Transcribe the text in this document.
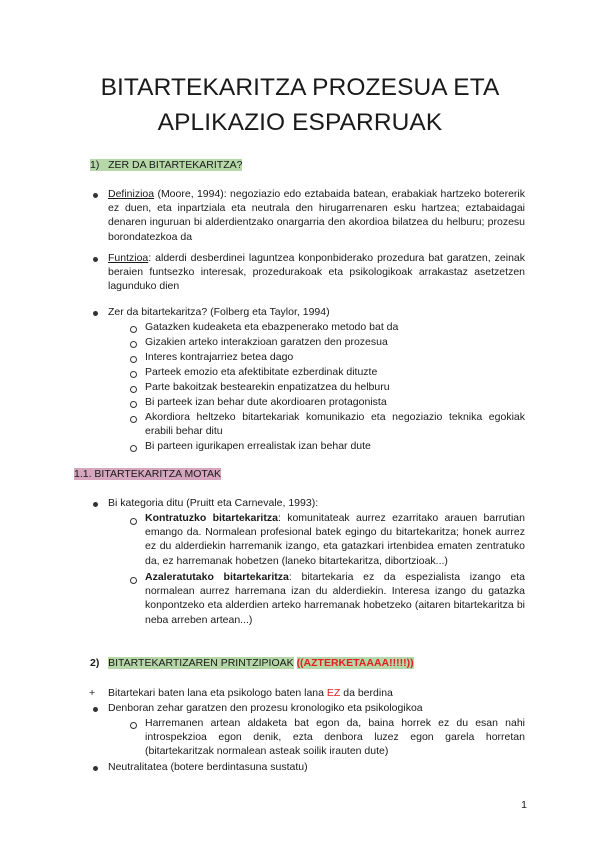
BITARTEKARITZA PROZESUA ETA
APLIKAZIO ESPARRUAK
1)   ZER DA BITARTEKARITZA?
Definizioa (Moore, 1994): negoziazio edo eztabaida batean, erabakiak hartzeko botererik ez duen, eta inpartziala eta neutrala den hirugarrenaren esku hartzea; eztabaidagai denaren inguruan bi alderdientzako onargarria den akordioa bilatzea du helburu; prozesu borondatezkoa da
Funtzioa: alderdi desberdinei laguntzea konponbiderako prozedura bat garatzen, zeinak beraien funtsezko interesak, prozedurakoak eta psikologikoak arrakastaz asetzetzen lagunduko dien
Zer da bitartekaritza? (Folberg eta Taylor, 1994)
Gatazken kudeaketa eta ebazpenerako metodo bat da
Gizakien arteko interakzioan garatzen den prozesua
Interes kontrajarriez betea dago
Parteek emozio eta afektibitate ezberdinak dituzte
Parte bakoitzak bestearekin enpatizatzea du helburu
Bi parteek izan behar dute akordioaren protagonista
Akordiora heltzeko bitartekariak komunikazio eta negoziazio teknika egokiak erabili behar ditu
Bi parteen igurikapen errealistak izan behar dute
1.1. BITARTEKARITZA MOTAK
Bi kategoria ditu (Pruitt eta Carnevale, 1993):
Kontratuzko bitartekaritza: komunitateak aurrez ezarritako arauen barrutian emango da. Normalean profesional batek egingo du bitartekaritza; honek aurrez ez du alderdiekin harremanik izango, eta gatazkari irtenbidea ematen zentratuko da, ez harremanak hobetzen (laneko bitartekaritza, dibortzioak...)
Azaleratutako bitartekaritza: bitartekaria ez da espezialista izango eta normalean aurrez harremana izan du alderdiekin. Interesa izango du gatazka konpontzeko eta alderdien arteko harremanak hobetzeko (aitaren bitartekaritza bi neba arreben artean...)
2) BITARTEKARTIZAREN PRINTZIPIOAK ((AZTERKETAAAA!!!!!))
+ Bitartekari baten lana eta psikologo baten lana EZ da berdina
Denboran zehar garatzen den prozesu kronologiko eta psikologikoa
Harremanen artean aldaketa bat egon da, baina horrek ez du esan nahi introspekzioa egon denik, ezta denbora luzez egon garela horretan (bitartekaritzak normalean asteak soilik irauten dute)
Neutralitatea (botere berdintasuna sustatu)
1
